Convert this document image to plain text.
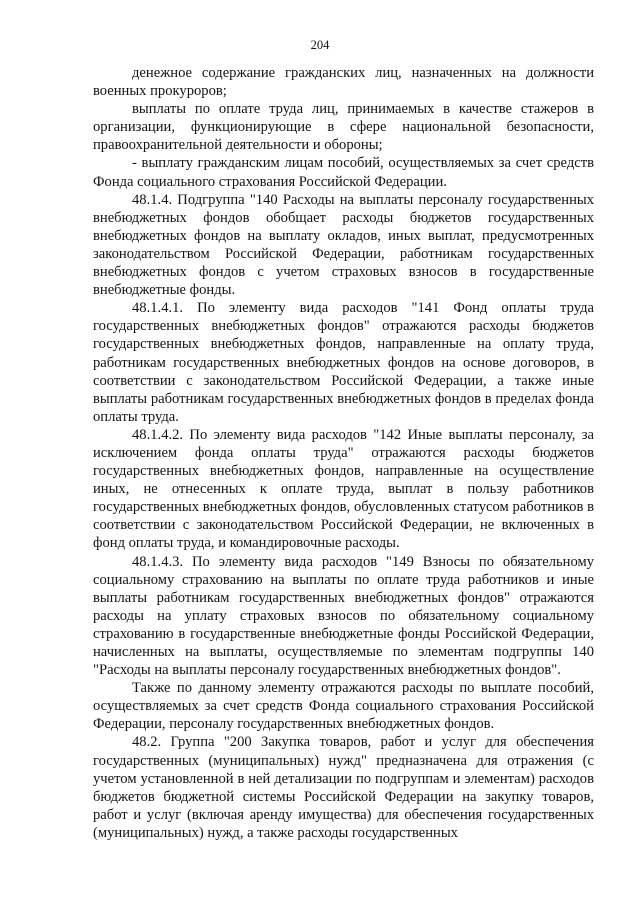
204

денежное содержание гражданских лиц, назначенных на должности военных прокуроров;

выплаты по оплате труда лиц, принимаемых в качестве стажеров в организации, функционирующие в сфере национальной безопасности, правоохранительной деятельности и обороны;

- выплату гражданским лицам пособий, осуществляемых за счет средств Фонда социального страхования Российской Федерации.

48.1.4. Подгруппа "140 Расходы на выплаты персоналу государственных внебюджетных фондов обобщает расходы бюджетов государственных внебюджетных фондов на выплату окладов, иных выплат, предусмотренных законодательством Российской Федерации, работникам государственных внебюджетных фондов с учетом страховых взносов в государственные внебюджетные фонды.

48.1.4.1. По элементу вида расходов "141 Фонд оплаты труда государственных внебюджетных фондов" отражаются расходы бюджетов государственных внебюджетных фондов, направленные на оплату труда, работникам государственных внебюджетных фондов на основе договоров, в соответствии с законодательством Российской Федерации, а также иные выплаты работникам государственных внебюджетных фондов в пределах фонда оплаты труда.

48.1.4.2. По элементу вида расходов "142 Иные выплаты персоналу, за исключением фонда оплаты труда" отражаются расходы бюджетов государственных внебюджетных фондов, направленные на осуществление иных, не отнесенных к оплате труда, выплат в пользу работников государственных внебюджетных фондов, обусловленных статусом работников в соответствии с законодательством Российской Федерации, не включенных в фонд оплаты труда, и командировочные расходы.

48.1.4.3. По элементу вида расходов "149 Взносы по обязательному социальному страхованию на выплаты по оплате труда работников и иные выплаты работникам государственных внебюджетных фондов" отражаются расходы на уплату страховых взносов по обязательному социальному страхованию в государственные внебюджетные фонды Российской Федерации, начисленных на выплаты, осуществляемые по элементам подгруппы 140 "Расходы на выплаты персоналу государственных внебюджетных фондов".

Также по данному элементу отражаются расходы по выплате пособий, осуществляемых за счет средств Фонда социального страхования Российской Федерации, персоналу государственных внебюджетных фондов.

48.2. Группа "200 Закупка товаров, работ и услуг для обеспечения государственных (муниципальных) нужд" предназначена для отражения (с учетом установленной в ней детализации по подгруппам и элементам) расходов бюджетов бюджетной системы Российской Федерации на закупку товаров, работ и услуг (включая аренду имущества) для обеспечения государственных (муниципальных) нужд, а также расходы государственных
